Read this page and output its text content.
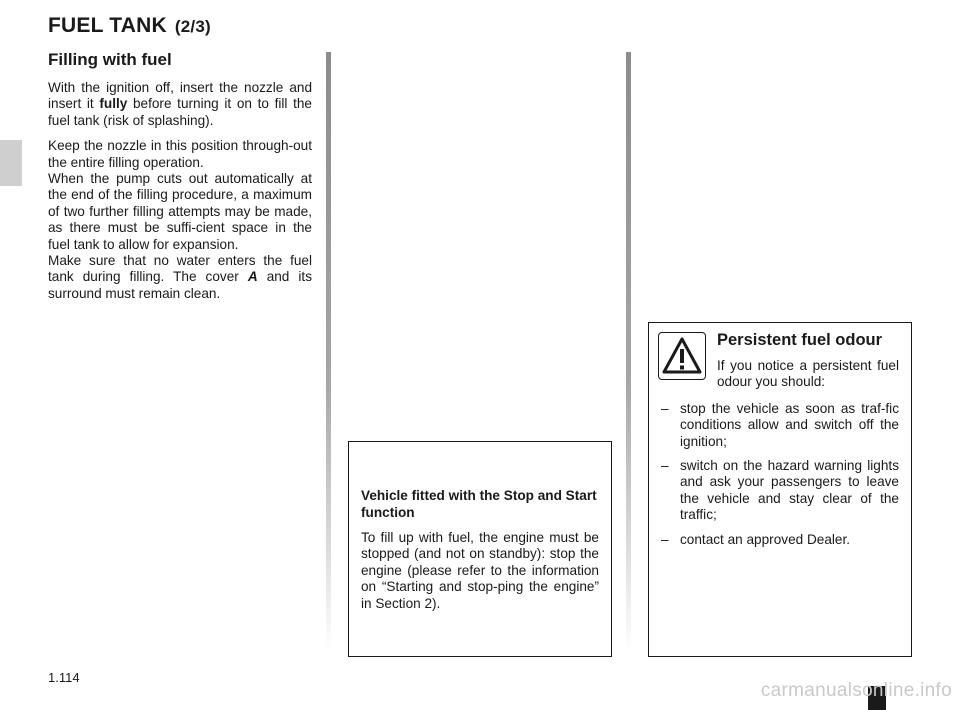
FUEL TANK (2/3)
Filling with fuel

With the ignition off, insert the nozzle and insert it fully before turning it on to fill the fuel tank (risk of splashing).

Keep the nozzle in this position through-out the entire filling operation.

When the pump cuts out automatically at the end of the filling procedure, a maximum of two further filling attempts may be made, as there must be suffi-cient space in the fuel tank to allow for expansion.

Make sure that no water enters the fuel tank during filling. The cover A and its surround must remain clean.

Vehicle fitted with the Stop and Start function

To fill up with fuel, the engine must be stopped (and not on standby): stop the engine (please refer to the information on “Starting and stop-ping the engine” in Section 2).

Persistent fuel odour

If you notice a persistent fuel odour you should:

– stop the vehicle as soon as traf-fic conditions allow and switch off the ignition;
– switch on the hazard warning lights and ask your passengers to leave the vehicle and stay clear of the traffic;
– contact an approved Dealer.
1.114
carmanualsonline.info
